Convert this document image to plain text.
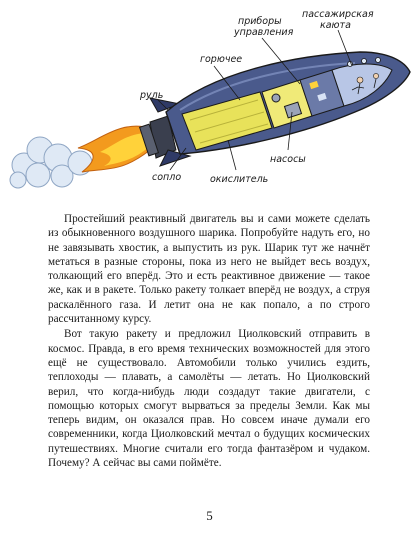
руль
горючее
приборы управления
пассажирская каюта
сопло	окислитель
насосы

Простейший реактивный двигатель вы и сами можете сделать из обыкновенного воздушного шарика. Попробуйте надуть его, но не завязывать хвостик, а выпустить из рук. Шарик тут же начнёт метаться в разные стороны, пока из него не выйдет весь воздух, толкающий его вперёд. Это и есть реактивное движение — такое же, как и в ракете. Только ракету толкает вперёд не воздух, а струя раскалённого газа. И летит она не как попало, а по строго рассчитанному курсу.

Вот такую ракету и предложил Циолковский отправить в космос. Правда, в его время технических возможностей для этого ещё не существовало. Автомобили только учились ездить, теплоходы — плавать, а самолёты — летать. Но Циолковский верил, что когда-нибудь люди создадут такие двигатели, с помощью которых смогут вырваться за пределы Земли. Как мы теперь видим, он оказался прав. Но совсем иначе думали его современники, когда Циолковский мечтал о будущих космических путешествиях. Многие считали его тогда фантазёром и чудаком. Почему? А сейчас вы сами поймёте.

5
